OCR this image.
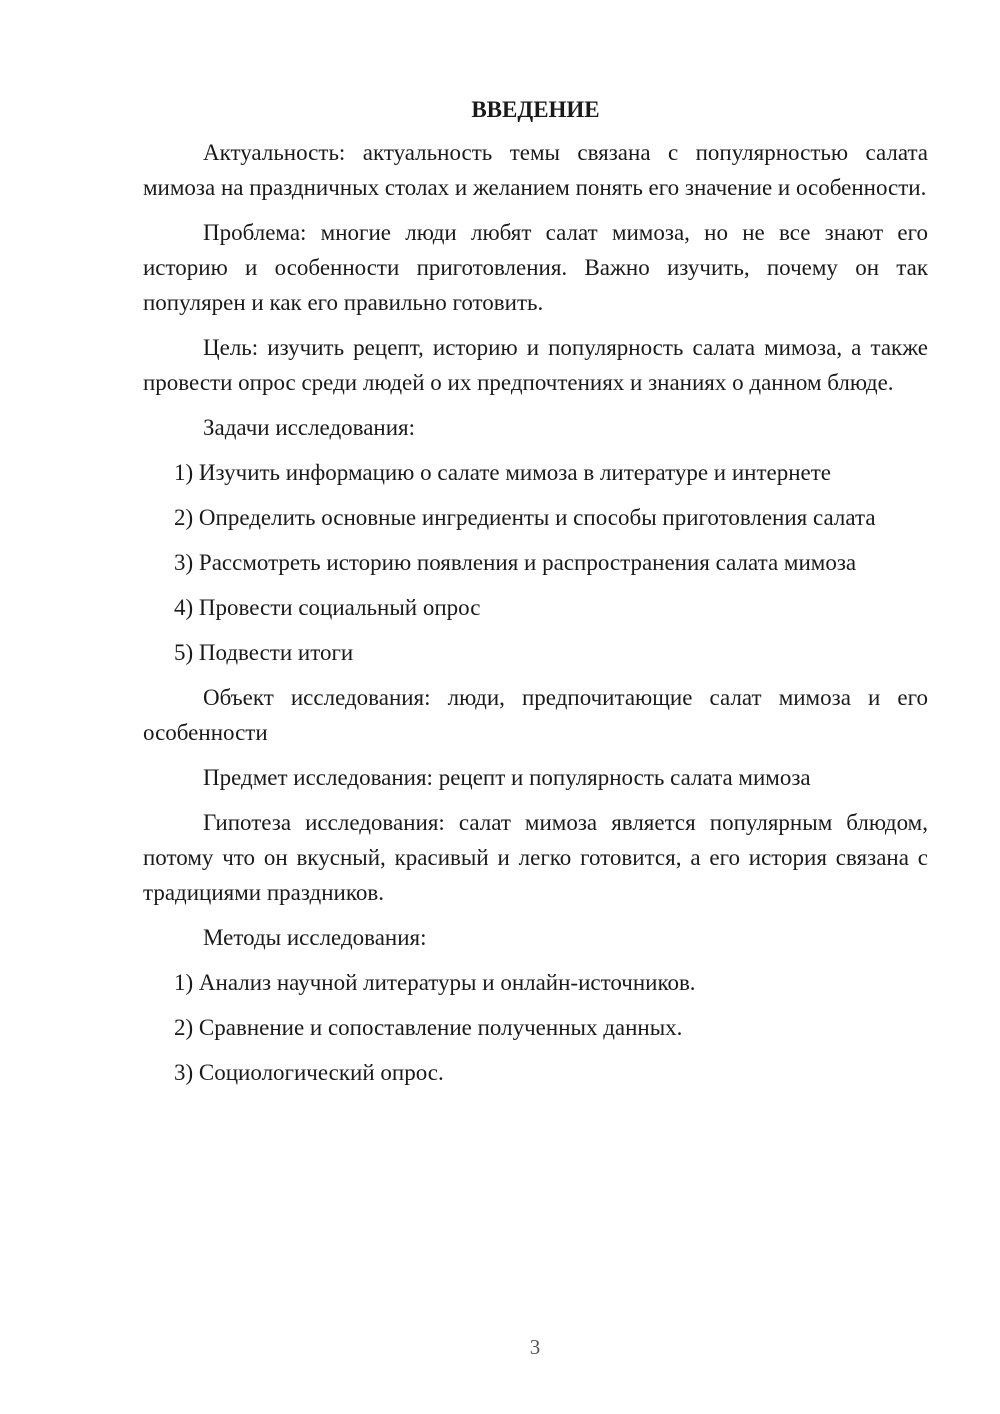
ВВЕДЕНИЕ

Актуальность: актуальность темы связана с популярностью салата мимоза на праздничных столах и желанием понять его значение и особенности.

Проблема: многие люди любят салат мимоза, но не все знают его историю и особенности приготовления. Важно изучить, почему он так популярен и как его правильно готовить.

Цель: изучить рецепт, историю и популярность салата мимоза, а также провести опрос среди людей о их предпочтениях и знаниях о данном блюде.

Задачи исследования:

1) Изучить информацию о салате мимоза в литературе и интернете

2) Определить основные ингредиенты и способы приготовления салата

3) Рассмотреть историю появления и распространения салата мимоза

4) Провести социальный опрос

5) Подвести итоги

Объект исследования: люди, предпочитающие салат мимоза и его особенности

Предмет исследования: рецепт и популярность салата мимоза

Гипотеза исследования: салат мимоза является популярным блюдом, потому что он вкусный, красивый и легко готовится, а его история связана с традициями праздников.

Методы исследования:

1) Анализ научной литературы и онлайн-источников.

2) Сравнение и сопоставление полученных данных.

3) Социологический опрос.

3
